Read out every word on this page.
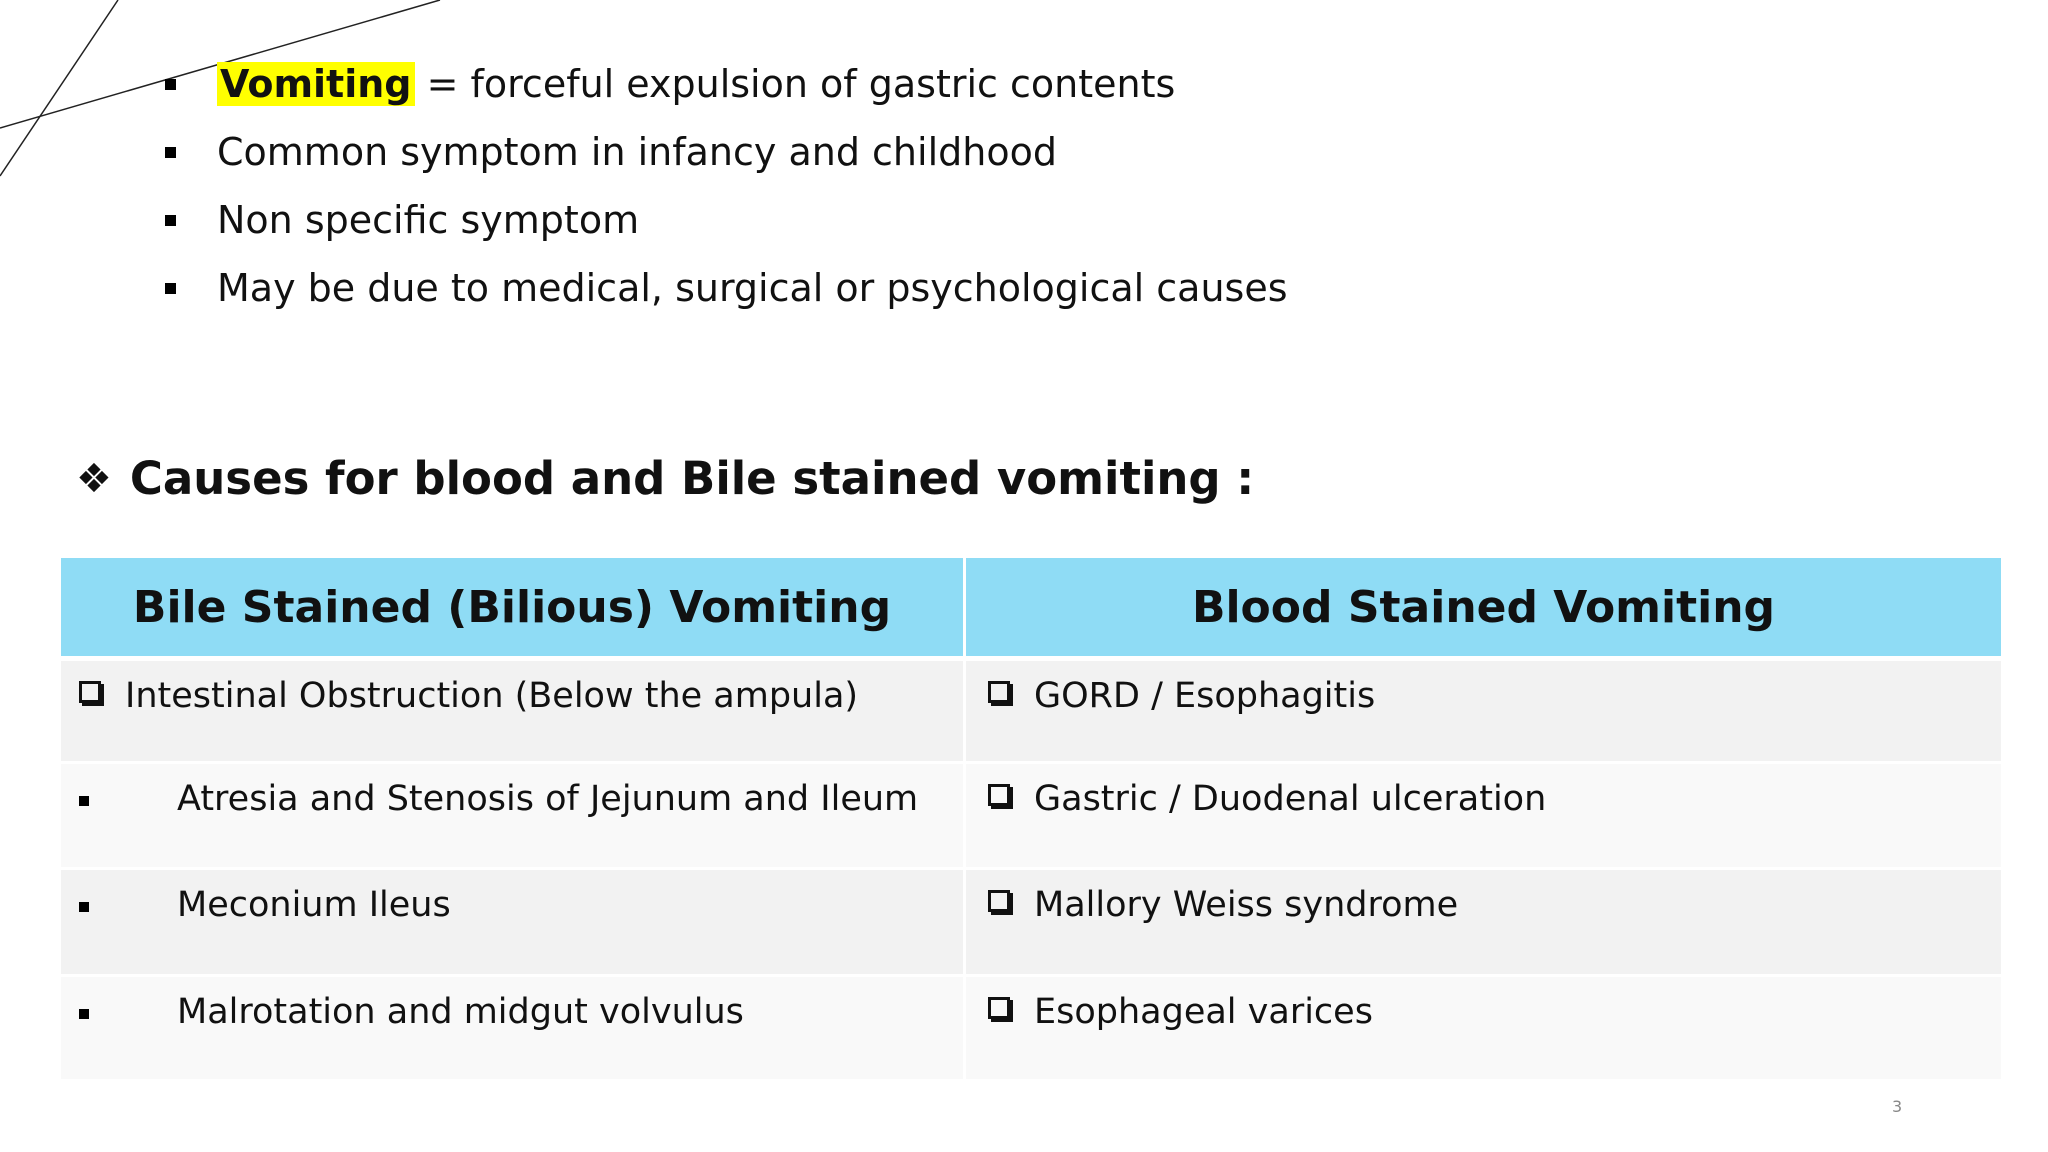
Vomiting = forceful expulsion of gastric contents
Common symptom in infancy and childhood
Non specific symptom
May be due to medical, surgical or psychological causes
❖ Causes for blood and Bile stained vomiting :
Bile Stained (Bilious) Vomiting	Blood Stained Vomiting

Intestinal Obstruction (Below the ampula)	GORD / Esophagitis

Atresia and Stenosis of Jejunum and Ileum	Gastric / Duodenal ulceration

Meconium Ileus	Mallory Weiss syndrome

Malrotation and midgut volvulus	Esophageal varices
3
